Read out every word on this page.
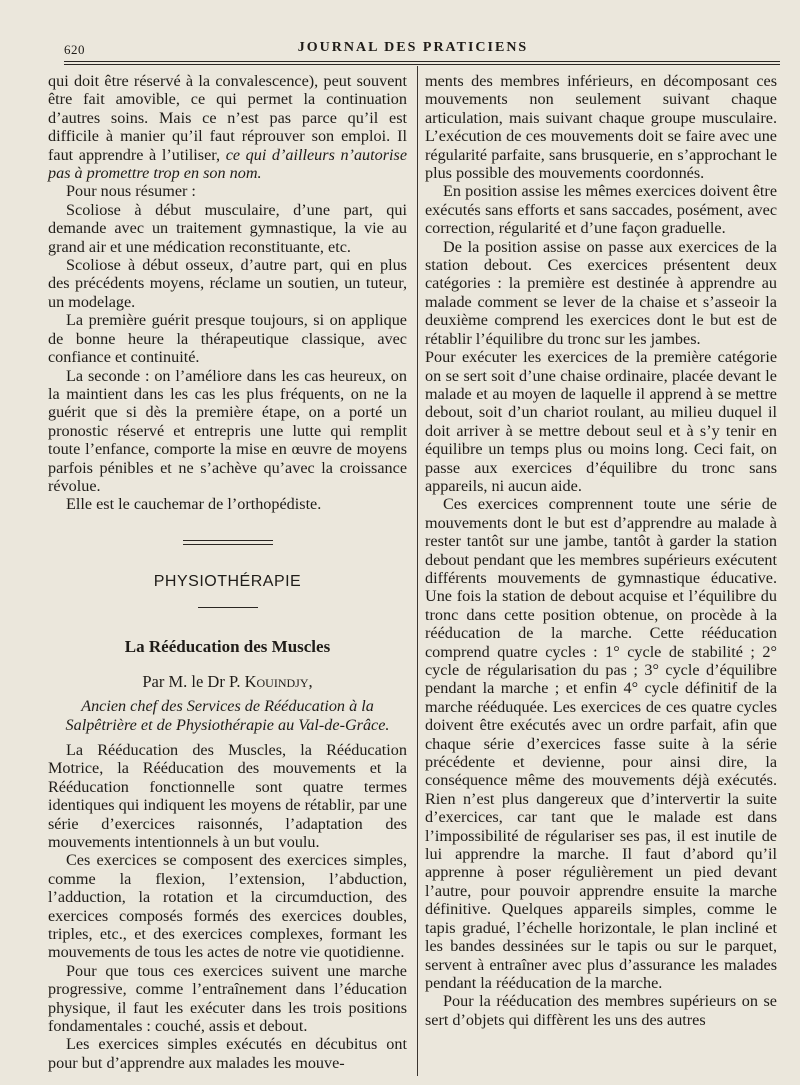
620	JOURNAL DES PRATICIENS

qui doit être réservé à la convalescence), peut souvent être fait amovible, ce qui permet la continuation d’autres soins. Mais ce n’est pas parce qu’il est difficile à manier qu’il faut réprouver son emploi. Il faut apprendre à l’utiliser, ce qui d’ailleurs n’autorise pas à promettre trop en son nom.

Pour nous résumer :

Scoliose à début musculaire, d’une part, qui demande avec un traitement gymnastique, la vie au grand air et une médication reconstituante, etc.

Scoliose à début osseux, d’autre part, qui en plus des précédents moyens, réclame un soutien, un tuteur, un modelage.

La première guérit presque toujours, si on applique de bonne heure la thérapeutique classique, avec confiance et continuité.

La seconde : on l’améliore dans les cas heureux, on la maintient dans les cas les plus fréquents, on ne la guérit que si dès la première étape, on a porté un pronostic réservé et entrepris une lutte qui remplit toute l’enfance, comporte la mise en œuvre de moyens parfois pénibles et ne s’achève qu’avec la croissance révolue.

Elle est le cauchemar de l’orthopédiste.

PHYSIOTHÉRAPIE
La Rééducation des Muscles
Par M. le Dr P. Kouindjy,
Ancien chef des Services de Rééducation à la Salpêtrière et de Physiothérapie au Val-de-Grâce.

La Rééducation des Muscles, la Rééducation Motrice, la Rééducation des mouvements et la Rééducation fonctionnelle sont quatre termes identiques qui indiquent les moyens de rétablir, par une série d’exercices raisonnés, l’adaptation des mouvements intentionnels à un but voulu.

Ces exercices se composent des exercices simples, comme la flexion, l’extension, l’abduction, l’adduction, la rotation et la circumduction, des exercices composés formés des exercices doubles, triples, etc., et des exercices complexes, formant les mouvements de tous les actes de notre vie quotidienne.

Pour que tous ces exercices suivent une marche progressive, comme l’entraînement dans l’éducation physique, il faut les exécuter dans les trois positions fondamentales : couché, assis et debout.

Les exercices simples exécutés en décubitus ont pour but d’apprendre aux malades les mouve-

ments des membres inférieurs, en décomposant ces mouvements non seulement suivant chaque articulation, mais suivant chaque groupe musculaire. L’exécution de ces mouvements doit se faire avec une régularité parfaite, sans brusquerie, en s’approchant le plus possible des mouvements coordonnés.

En position assise les mêmes exercices doivent être exécutés sans efforts et sans saccades, posément, avec correction, régularité et d’une façon graduelle.

De la position assise on passe aux exercices de la station debout. Ces exercices présentent deux catégories : la première est destinée à apprendre au malade comment se lever de la chaise et s’asseoir la deuxième comprend les exercices dont le but est de rétablir l’équilibre du tronc sur les jambes.

Pour exécuter les exercices de la première catégorie on se sert soit d’une chaise ordinaire, placée devant le malade et au moyen de laquelle il apprend à se mettre debout, soit d’un chariot roulant, au milieu duquel il doit arriver à se mettre debout seul et à s’y tenir en équilibre un temps plus ou moins long. Ceci fait, on passe aux exercices d’équilibre du tronc sans appareils, ni aucun aide.

Ces exercices comprennent toute une série de mouvements dont le but est d’apprendre au malade à rester tantôt sur une jambe, tantôt à garder la station debout pendant que les membres supérieurs exécutent différents mouvements de gymnastique éducative. Une fois la station de debout acquise et l’équilibre du tronc dans cette position obtenue, on procède à la rééducation de la marche. Cette rééducation comprend quatre cycles : 1° cycle de stabilité ; 2° cycle de régularisation du pas ; 3° cycle d’équilibre pendant la marche ; et enfin 4° cycle définitif de la marche rééduquée. Les exercices de ces quatre cycles doivent être exécutés avec un ordre parfait, afin que chaque série d’exercices fasse suite à la série précédente et devienne, pour ainsi dire, la conséquence même des mouvements déjà exécutés. Rien n’est plus dangereux que d’intervertir la suite d’exercices, car tant que le malade est dans l’impossibilité de régulariser ses pas, il est inutile de lui apprendre la marche. Il faut d’abord qu’il apprenne à poser régulièrement un pied devant l’autre, pour pouvoir apprendre ensuite la marche définitive. Quelques appareils simples, comme le tapis gradué, l’échelle horizontale, le plan incliné et les bandes dessinées sur le tapis ou sur le parquet, servent à entraîner avec plus d’assurance les malades pendant la rééducation de la marche.

Pour la rééducation des membres supérieurs on se sert d’objets qui diffèrent les uns des autres
